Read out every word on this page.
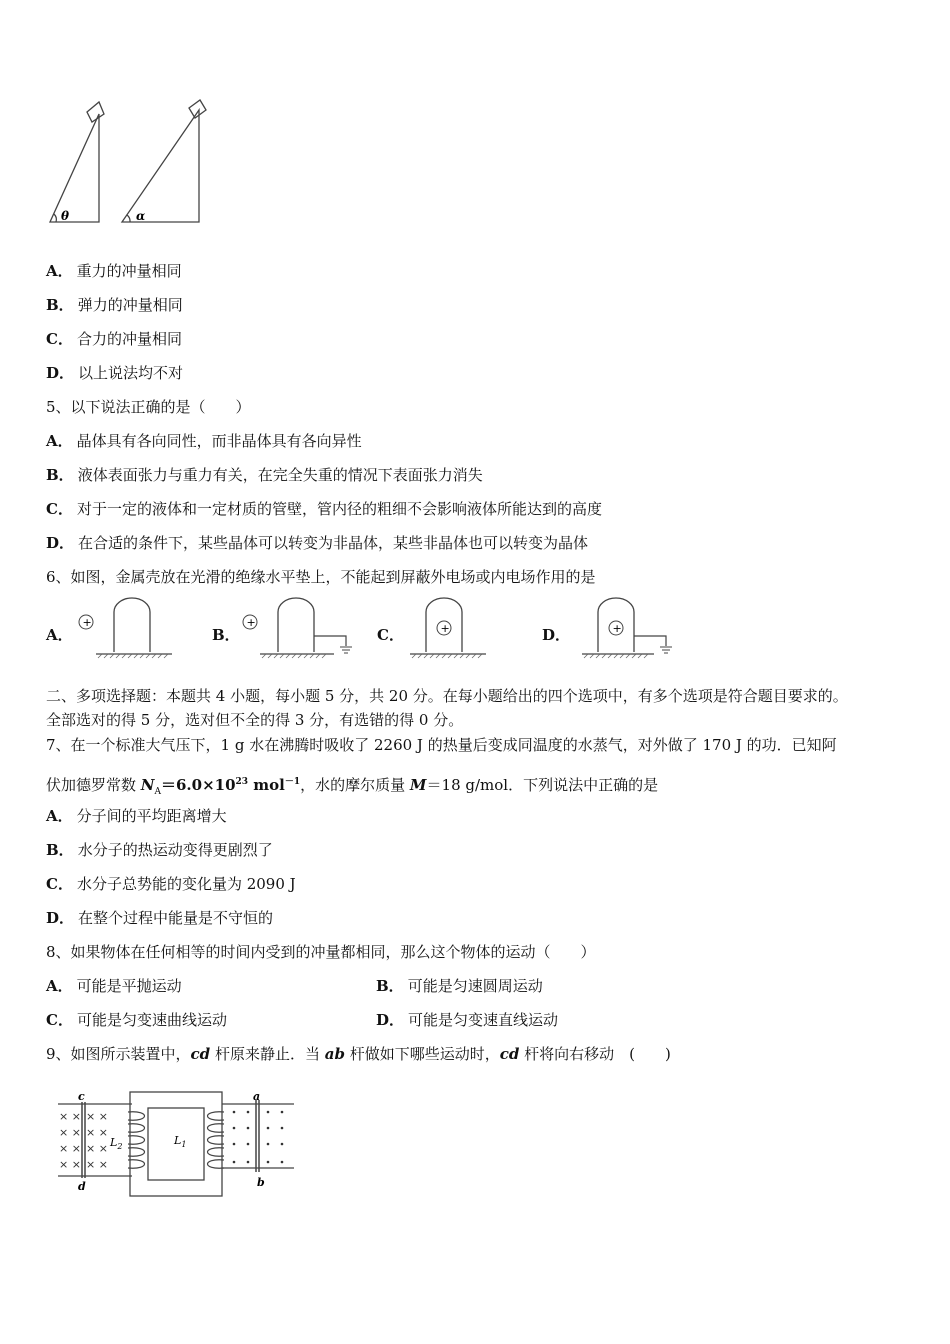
θ	α
A． 重力的冲量相同
B． 弹力的冲量相同
C． 合力的冲量相同
D． 以上说法均不对
5、以下说法正确的是（　　）
A． 晶体具有各向同性，而非晶体具有各向异性
B． 液体表面张力与重力有关，在完全失重的情况下表面张力消失
C． 对于一定的液体和一定材质的管壁，管内径的粗细不会影响液体所能达到的高度
D． 在合适的条件下，某些晶体可以转变为非晶体，某些非晶体也可以转变为晶体
6、如图，金属壳放在光滑的绝缘水平垫上，不能起到屏蔽外电场或内电场作用的是
A．
+
B．
+
C．	+	D．	+
二、多项选择题：本题共 4 小题，每小题 5 分，共 20 分。在每小题给出的四个选项中，有多个选项是符合题目要求的。
全部选对的得 5 分，选对但不全的得 3 分，有选错的得 0 分。
7、在一个标准大气压下，1 g 水在沸腾时吸收了 2260 J 的热量后变成同温度的水蒸气，对外做了 170 J 的功．已知阿
伏加德罗常数 $N_A=6.0\times 10^{23}$ mol$^{-1}$，水的摩尔质量 M＝18 g/mol．下列说法中正确的是
A． 分子间的平均距离增大
B． 水分子的热运动变得更剧烈了
C． 水分子总势能的变化量为 2090 J
D． 在整个过程中能量是不守恒的
8、如果物体在任何相等的时间内受到的冲量都相同，那么这个物体的运动（　　）
A． 可能是平抛运动	B． 可能是匀速圆周运动
C． 可能是匀变速曲线运动	D． 可能是匀变速直线运动
9、如图所示装置中，cd 杆原来静止．当 ab 杆做如下哪些运动时，cd 杆将向右移动　(　　)
× ×
× ×
× ×
× ×
× ×
× ×
× ×
× ×
c
d
$L_2$	$L_1$
a
b
